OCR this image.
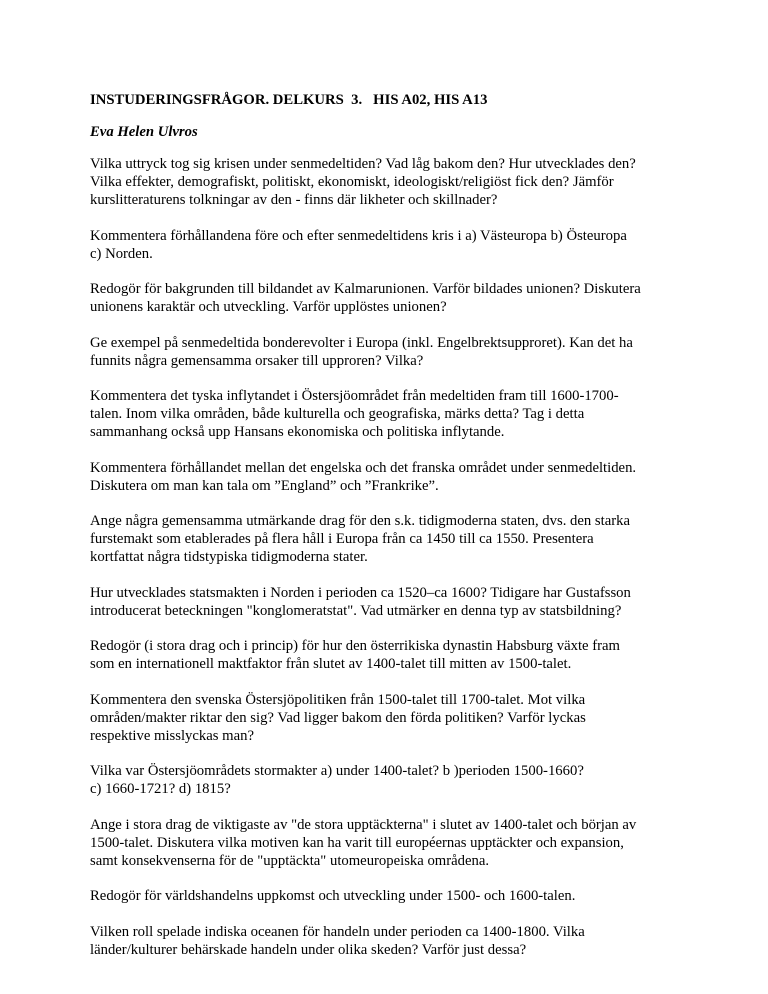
INSTUDERINGSFRÅGOR. DELKURS  3.   HIS A02, HIS A13
Eva Helen Ulvros
Vilka uttryck tog sig krisen under senmedeltiden? Vad låg bakom den? Hur utvecklades den?
Vilka effekter, demografiskt, politiskt, ekonomiskt, ideologiskt/religiöst fick den? Jämför
kurslitteraturens tolkningar av den - finns där likheter och skillnader?
Kommentera förhållandena före och efter senmedeltidens kris i a) Västeuropa b) Östeuropa
c) Norden.
Redogör för bakgrunden till bildandet av Kalmarunionen. Varför bildades unionen? Diskutera
unionens karaktär och utveckling. Varför upplöstes unionen?
Ge exempel på senmedeltida bonderevolter i Europa (inkl. Engelbrektsupproret). Kan det ha
funnits några gemensamma orsaker till upproren? Vilka?
Kommentera det tyska inflytandet i Östersjöområdet från medeltiden fram till 1600-1700-
talen. Inom vilka områden, både kulturella och geografiska, märks detta? Tag i detta
sammanhang också upp Hansans ekonomiska och politiska inflytande.
Kommentera förhållandet mellan det engelska och det franska området under senmedeltiden.
Diskutera om man kan tala om ”England” och ”Frankrike”.
Ange några gemensamma utmärkande drag för den s.k. tidigmoderna staten, dvs. den starka
furstemakt som etablerades på flera håll i Europa från ca 1450 till ca 1550. Presentera
kortfattat några tidstypiska tidigmoderna stater.
Hur utvecklades statsmakten i Norden i perioden ca 1520–ca 1600? Tidigare har Gustafsson
introducerat beteckningen "konglomeratstat". Vad utmärker en denna typ av statsbildning?
Redogör (i stora drag och i princip) för hur den österrikiska dynastin Habsburg växte fram
som en internationell maktfaktor från slutet av 1400-talet till mitten av 1500-talet.
Kommentera den svenska Östersjöpolitiken från 1500-talet till 1700-talet. Mot vilka
områden/makter riktar den sig? Vad ligger bakom den förda politiken? Varför lyckas
respektive misslyckas man?
Vilka var Östersjöområdets stormakter a) under 1400-talet? b )perioden 1500-1660?
c) 1660-1721? d) 1815?
Ange i stora drag de viktigaste av "de stora upptäckterna" i slutet av 1400-talet och början av
1500-talet. Diskutera vilka motiven kan ha varit till européernas upptäckter och expansion,
samt konsekvenserna för de "upptäckta" utomeuropeiska områdena.
Redogör för världshandelns uppkomst och utveckling under 1500- och 1600-talen.
Vilken roll spelade indiska oceanen för handeln under perioden ca 1400-1800. Vilka
länder/kulturer behärskade handeln under olika skeden? Varför just dessa?
